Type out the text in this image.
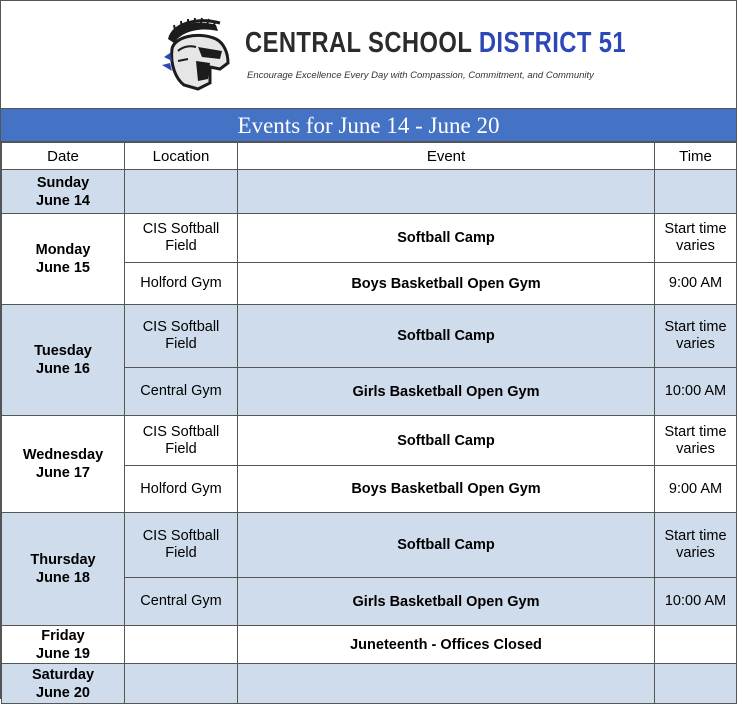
CENTRAL SCHOOL DISTRICT 51
Encourage Excellence Every Day with Compassion, Commitment, and Community
Events for June 14 - June 20
Date	Location	Event	Time
Sunday
June 14			
Monday
June 15	CIS Softball Field	Softball Camp	Start time varies
	Holford Gym	Boys Basketball Open Gym	9:00 AM
Tuesday
June 16	CIS Softball Field	Softball Camp	Start time varies
	Central Gym	Girls Basketball Open Gym	10:00 AM
Wednesday
June 17	CIS Softball Field	Softball Camp	Start time varies
	Holford Gym	Boys Basketball Open Gym	9:00 AM
Thursday
June 18	CIS Softball Field	Softball Camp	Start time varies
	Central Gym	Girls Basketball Open Gym	10:00 AM
Friday
June 19		Juneteenth - Offices Closed	
Saturday
June 20			
